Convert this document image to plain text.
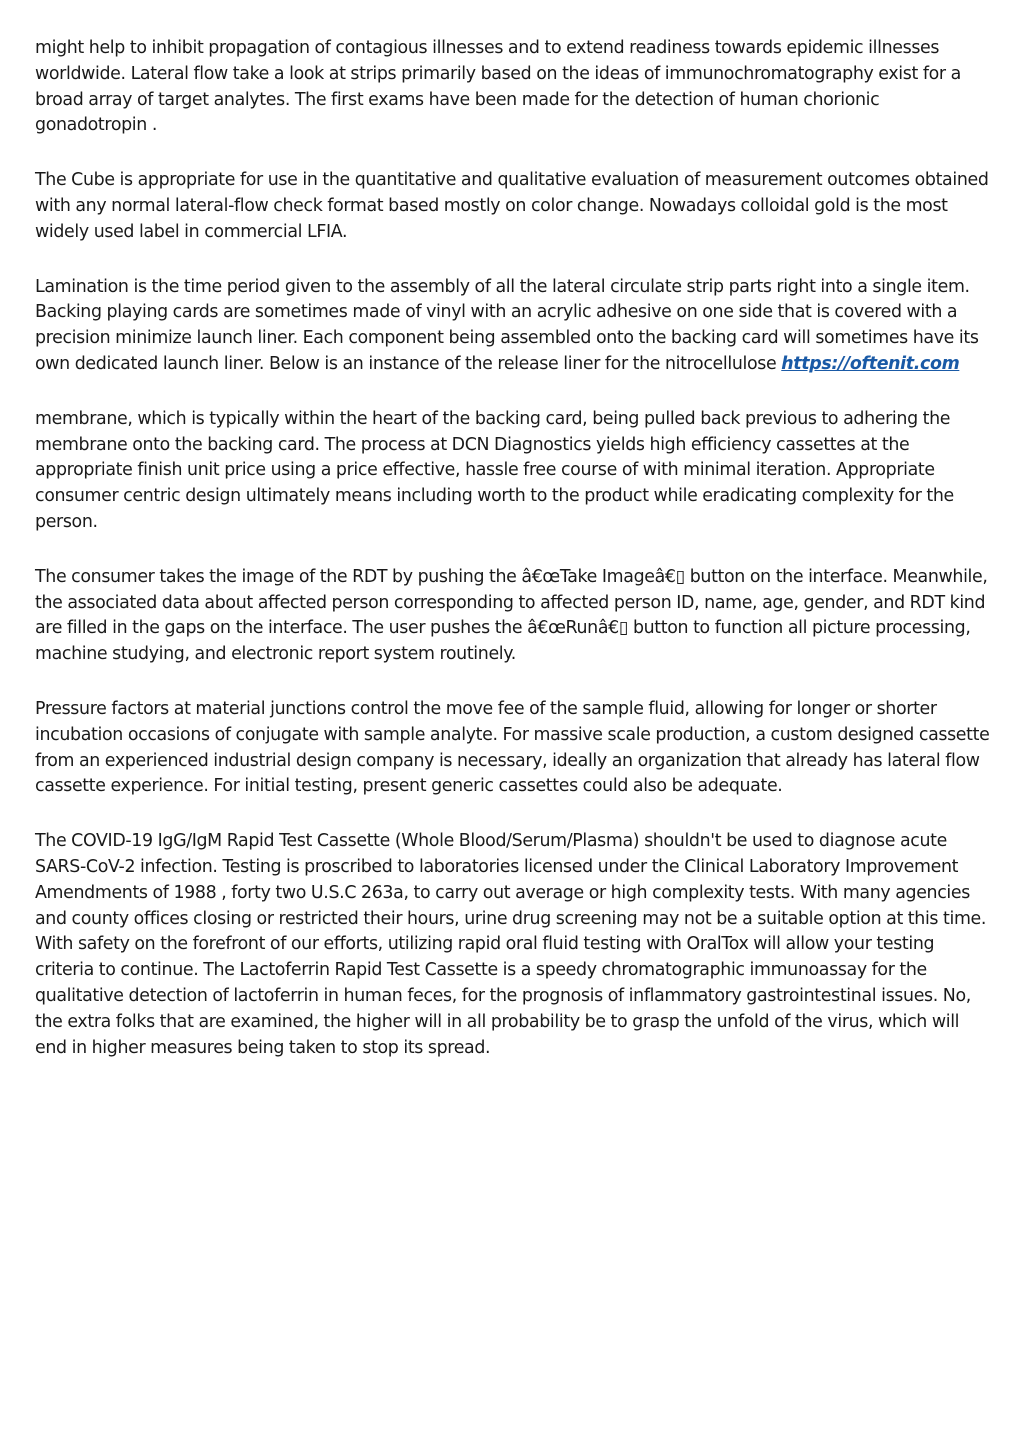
might help to inhibit propagation of contagious illnesses and to extend readiness towards epidemic illnesses worldwide. Lateral flow take a look at strips primarily based on the ideas of immunochromatography exist for a broad array of target analytes. The first exams have been made for the detection of human chorionic gonadotropin .

The Cube is appropriate for use in the quantitative and qualitative evaluation of measurement outcomes obtained with any normal lateral-flow check format based mostly on color change. Nowadays colloidal gold is the most widely used label in commercial LFIA.

Lamination is the time period given to the assembly of all the lateral circulate strip parts right into a single item. Backing playing cards are sometimes made of vinyl with an acrylic adhesive on one side that is covered with a precision minimize launch liner. Each component being assembled onto the backing card will sometimes have its own dedicated launch liner. Below is an instance of the release liner for the nitrocellulose https://oftenit.com

membrane, which is typically within the heart of the backing card, being pulled back previous to adhering the membrane onto the backing card. The process at DCN Diagnostics yields high efficiency cassettes at the appropriate finish unit price using a price effective, hassle free course of with minimal iteration. Appropriate consumer centric design ultimately means including worth to the product while eradicating complexity for the person.

The consumer takes the image of the RDT by pushing the â€œTake Imageâ€▯ button on the interface. Meanwhile, the associated data about affected person corresponding to affected person ID, name, age, gender, and RDT kind are filled in the gaps on the interface. The user pushes the â€œRunâ€▯ button to function all picture processing, machine studying, and electronic report system routinely.

Pressure factors at material junctions control the move fee of the sample fluid, allowing for longer or shorter incubation occasions of conjugate with sample analyte. For massive scale production, a custom designed cassette from an experienced industrial design company is necessary, ideally an organization that already has lateral flow cassette experience. For initial testing, present generic cassettes could also be adequate.

The COVID-19 IgG/IgM Rapid Test Cassette (Whole Blood/Serum/Plasma) shouldn't be used to diagnose acute SARS-CoV-2 infection. Testing is proscribed to laboratories licensed under the Clinical Laboratory Improvement Amendments of 1988 , forty two U.S.C 263a, to carry out average or high complexity tests. With many agencies and county offices closing or restricted their hours, urine drug screening may not be a suitable option at this time. With safety on the forefront of our efforts, utilizing rapid oral fluid testing with OralTox will allow your testing criteria to continue. The Lactoferrin Rapid Test Cassette is a speedy chromatographic immunoassay for the qualitative detection of lactoferrin in human feces, for the prognosis of inflammatory gastrointestinal issues. No, the extra folks that are examined, the higher will in all probability be to grasp the unfold of the virus, which will end in higher measures being taken to stop its spread.
